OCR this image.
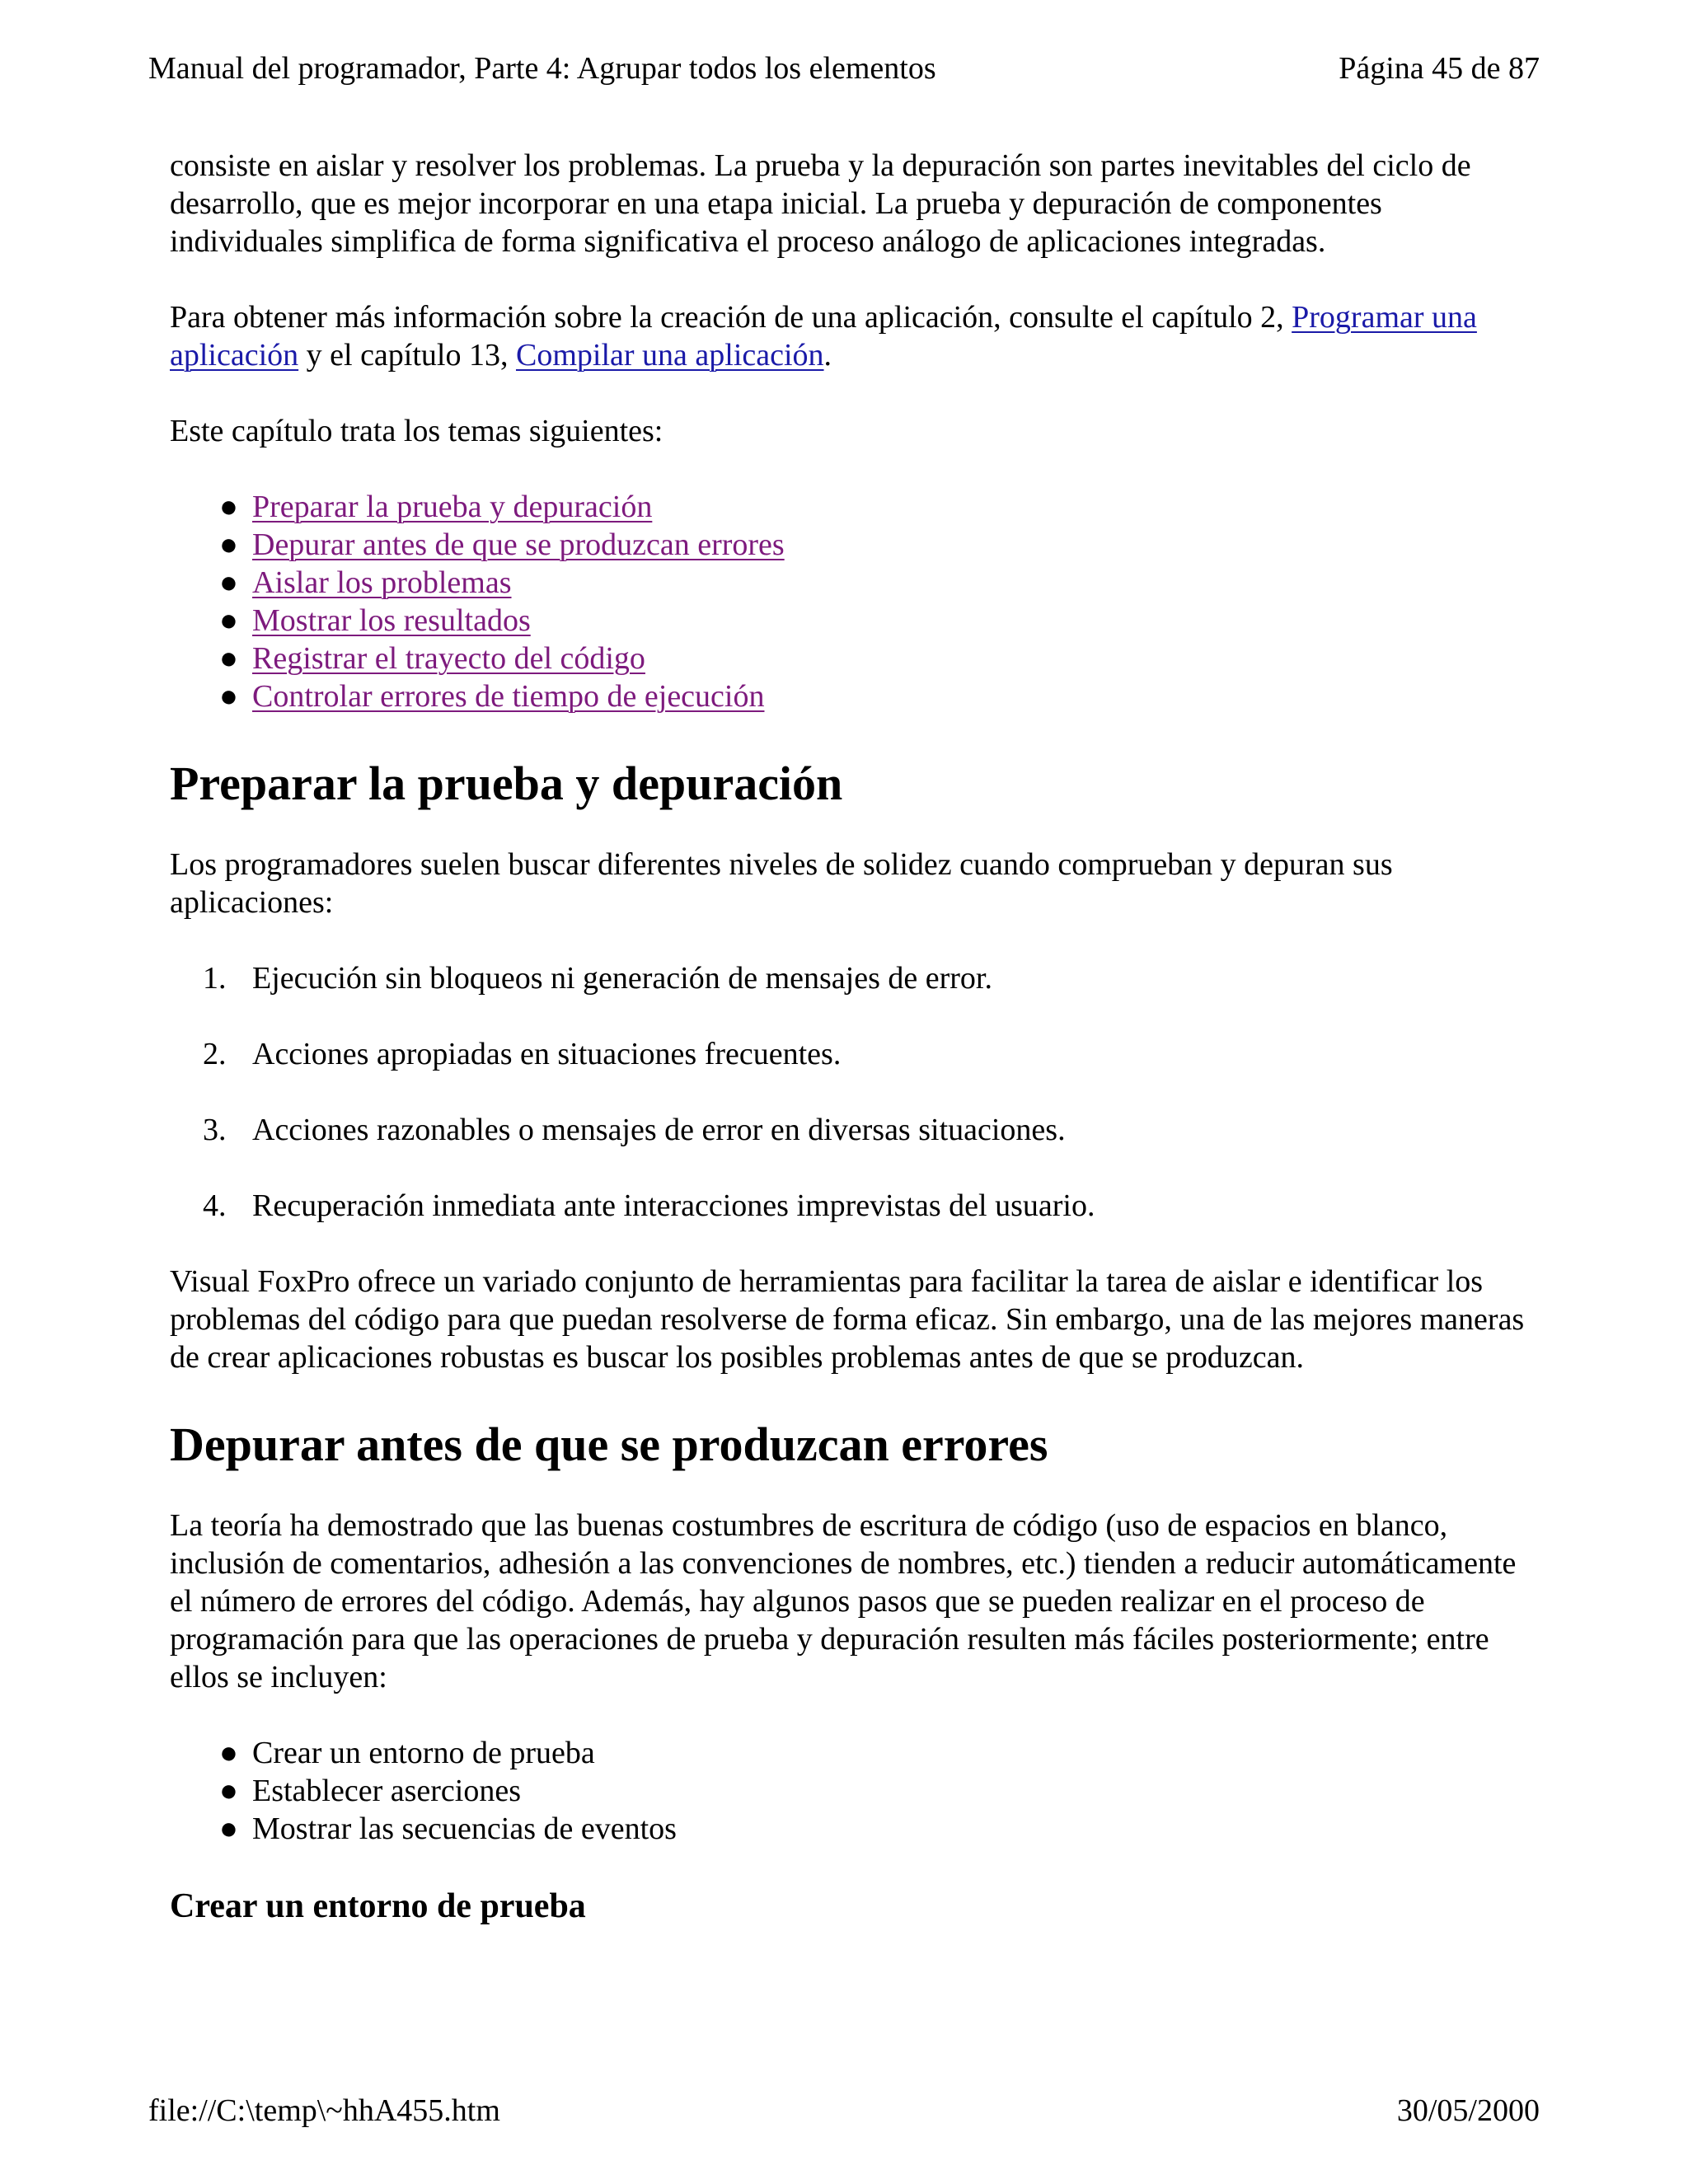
Manual del programador, Parte 4: Agrupar todos los elementos	Página 45 de 87

consiste en aislar y resolver los problemas. La prueba y la depuración son partes inevitables del ciclo de desarrollo, que es mejor incorporar en una etapa inicial. La prueba y depuración de componentes individuales simplifica de forma significativa el proceso análogo de aplicaciones integradas.

Para obtener más información sobre la creación de una aplicación, consulte el capítulo 2, Programar una aplicación y el capítulo 13, Compilar una aplicación.

Este capítulo trata los temas siguientes:

● Preparar la prueba y depuración
● Depurar antes de que se produzcan errores
● Aislar los problemas
● Mostrar los resultados
● Registrar el trayecto del código
● Controlar errores de tiempo de ejecución
Preparar la prueba y depuración

Los programadores suelen buscar diferentes niveles de solidez cuando comprueban y depuran sus aplicaciones:

1. Ejecución sin bloqueos ni generación de mensajes de error.
2. Acciones apropiadas en situaciones frecuentes.
3. Acciones razonables o mensajes de error en diversas situaciones.
4. Recuperación inmediata ante interacciones imprevistas del usuario.

Visual FoxPro ofrece un variado conjunto de herramientas para facilitar la tarea de aislar e identificar los problemas del código para que puedan resolverse de forma eficaz. Sin embargo, una de las mejores maneras de crear aplicaciones robustas es buscar los posibles problemas antes de que se produzcan.

Depurar antes de que se produzcan errores

La teoría ha demostrado que las buenas costumbres de escritura de código (uso de espacios en blanco, inclusión de comentarios, adhesión a las convenciones de nombres, etc.) tienden a reducir automáticamente el número de errores del código. Además, hay algunos pasos que se pueden realizar en el proceso de programación para que las operaciones de prueba y depuración resulten más fáciles posteriormente; entre ellos se incluyen:

● Crear un entorno de prueba
● Establecer aserciones
● Mostrar las secuencias de eventos
Crear un entorno de prueba
file://C:\temp\~hhA455.htm	30/05/2000
